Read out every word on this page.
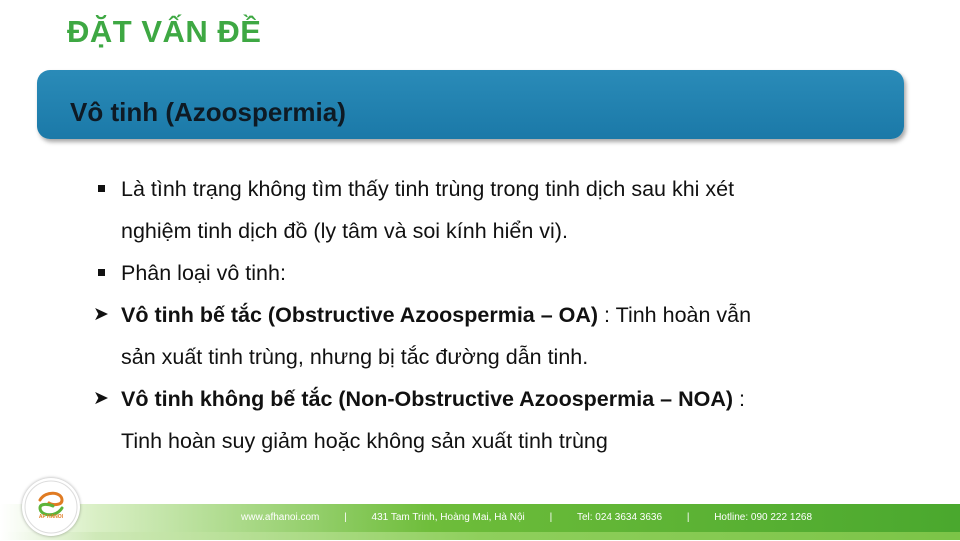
ĐẶT VẤN ĐỀ
Vô tinh (Azoospermia)
Là tình trạng không tìm thấy tinh trùng trong tinh dịch sau khi xét
nghiệm tinh dịch đồ (ly tâm và soi kính hiển vi).
Phân loại vô tinh:
➤ Vô tinh bế tắc (Obstructive Azoospermia – OA) : Tinh hoàn vẫn
sản xuất tinh trùng, nhưng bị tắc đường dẫn tinh.
➤ Vô tinh không bế tắc (Non-Obstructive Azoospermia – NOA) :
Tinh hoàn suy giảm hoặc không sản xuất tinh trùng
www.afhanoi.com | 431 Tam Trinh, Hoàng Mai, Hà Nội | Tel: 024 3634 3636 | Hotline: 090 222 1268
AF HANOI
